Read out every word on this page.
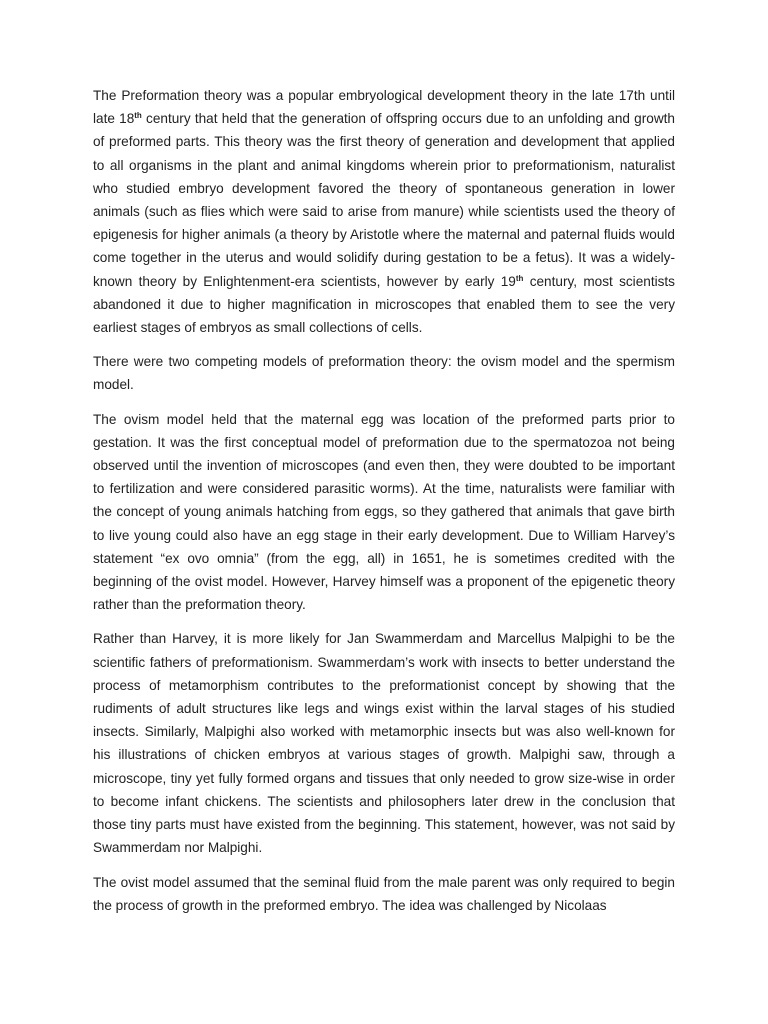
The Preformation theory was a popular embryological development theory in the late 17th until late 18th century that held that the generation of offspring occurs due to an unfolding and growth of preformed parts. This theory was the first theory of generation and development that applied to all organisms in the plant and animal kingdoms wherein prior to preformationism, naturalist who studied embryo development favored the theory of spontaneous generation in lower animals (such as flies which were said to arise from manure) while scientists used the theory of epigenesis for higher animals (a theory by Aristotle where the maternal and paternal fluids would come together in the uterus and would solidify during gestation to be a fetus). It was a widely-known theory by Enlightenment-era scientists, however by early 19th century, most scientists abandoned it due to higher magnification in microscopes that enabled them to see the very earliest stages of embryos as small collections of cells.

There were two competing models of preformation theory: the ovism model and the spermism model.

The ovism model held that the maternal egg was location of the preformed parts prior to gestation. It was the first conceptual model of preformation due to the spermatozoa not being observed until the invention of microscopes (and even then, they were doubted to be important to fertilization and were considered parasitic worms). At the time, naturalists were familiar with the concept of young animals hatching from eggs, so they gathered that animals that gave birth to live young could also have an egg stage in their early development. Due to William Harvey’s statement “ex ovo omnia” (from the egg, all) in 1651, he is sometimes credited with the beginning of the ovist model. However, Harvey himself was a proponent of the epigenetic theory rather than the preformation theory.

Rather than Harvey, it is more likely for Jan Swammerdam and Marcellus Malpighi to be the scientific fathers of preformationism. Swammerdam’s work with insects to better understand the process of metamorphism contributes to the preformationist concept by showing that the rudiments of adult structures like legs and wings exist within the larval stages of his studied insects. Similarly, Malpighi also worked with metamorphic insects but was also well-known for his illustrations of chicken embryos at various stages of growth. Malpighi saw, through a microscope, tiny yet fully formed organs and tissues that only needed to grow size-wise in order to become infant chickens. The scientists and philosophers later drew in the conclusion that those tiny parts must have existed from the beginning. This statement, however, was not said by Swammerdam nor Malpighi.

The ovist model assumed that the seminal fluid from the male parent was only required to begin the process of growth in the preformed embryo. The idea was challenged by Nicolaas
